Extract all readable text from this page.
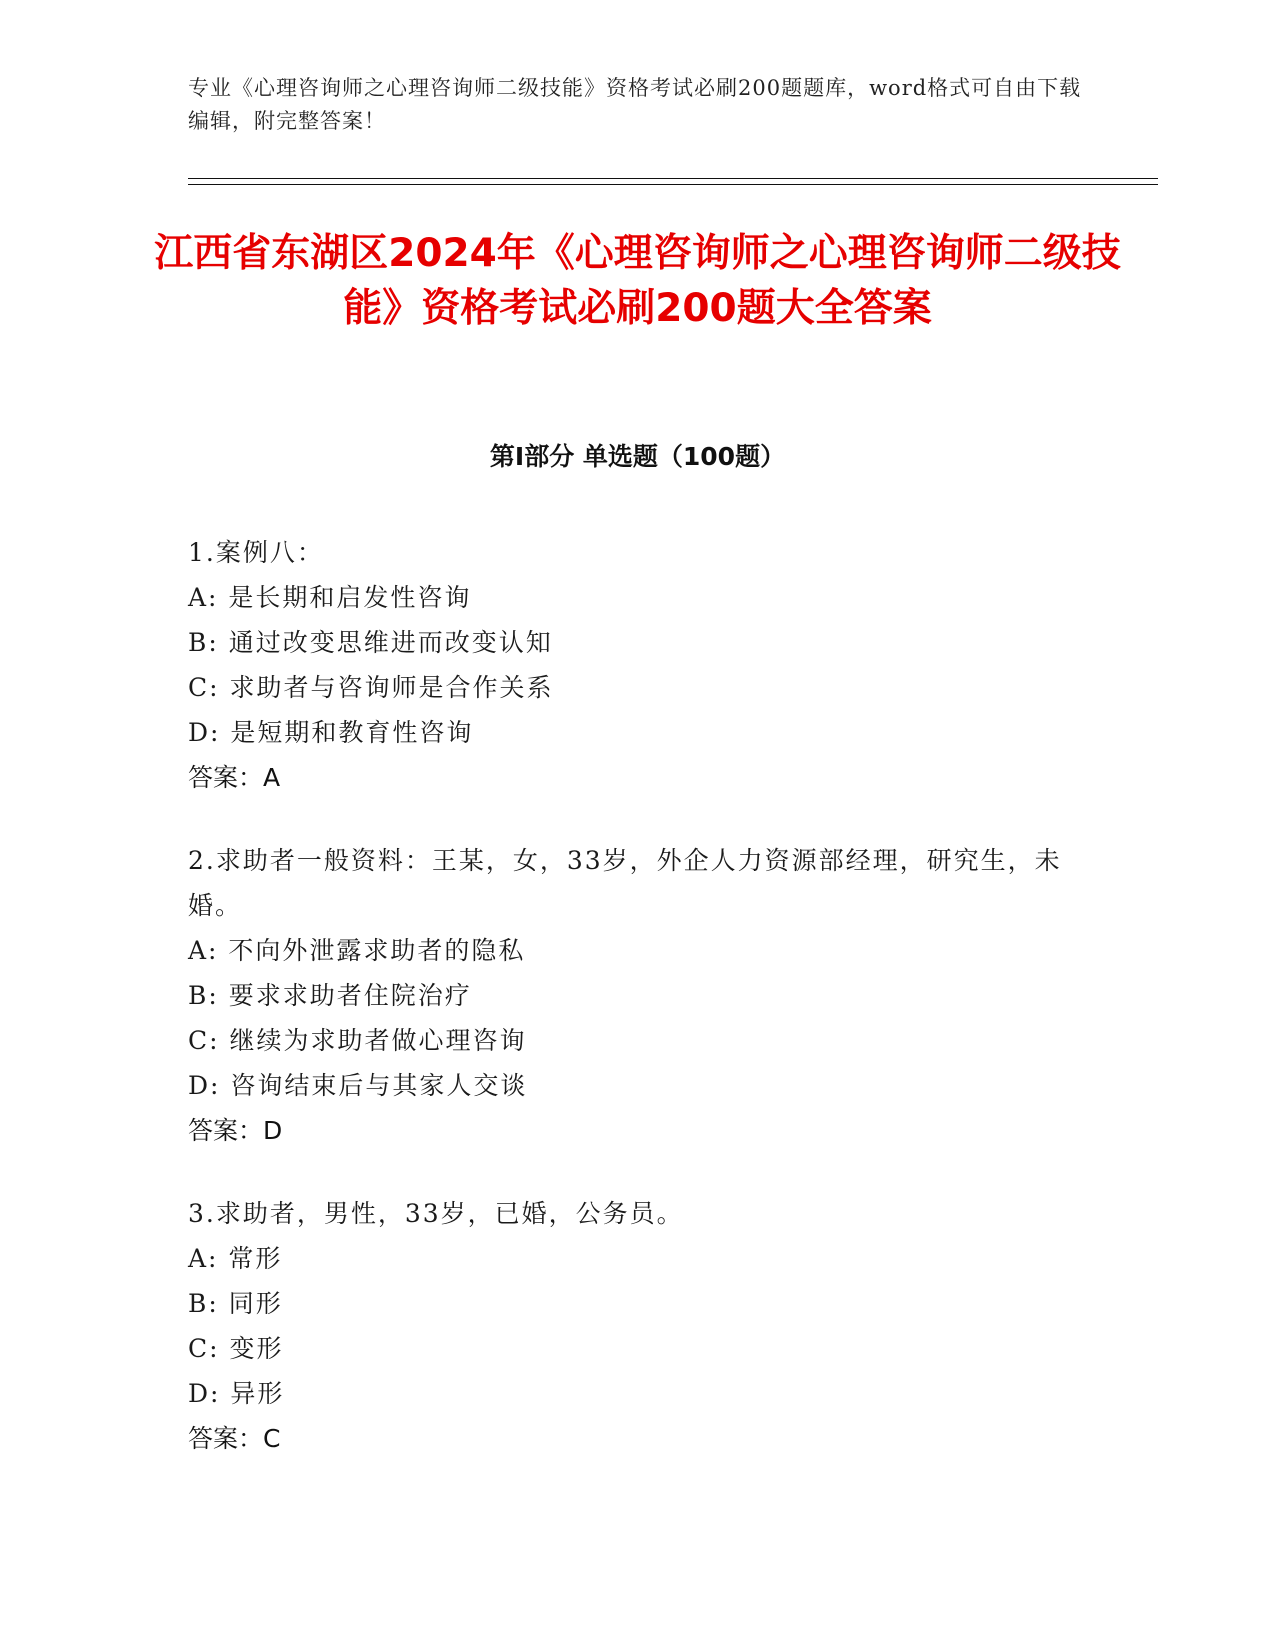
专业《心理咨询师之心理咨询师二级技能》资格考试必刷200题题库，word格式可自由下载编辑，附完整答案！
江西省东湖区2024年《心理咨询师之心理咨询师二级技能》资格考试必刷200题大全答案
第I部分 单选题（100题）

1.案例八：

A: 是长期和启发性咨询

B: 通过改变思维进而改变认知

C: 求助者与咨询师是合作关系

D: 是短期和教育性咨询

答案：A

2.求助者一般资料：王某，女，33岁，外企人力资源部经理，研究生，未婚。

A: 不向外泄露求助者的隐私

B: 要求求助者住院治疗

C: 继续为求助者做心理咨询

D: 咨询结束后与其家人交谈

答案：D

3.求助者，男性，33岁，已婚，公务员。

A: 常形

B: 同形

C: 变形

D: 异形

答案：C
